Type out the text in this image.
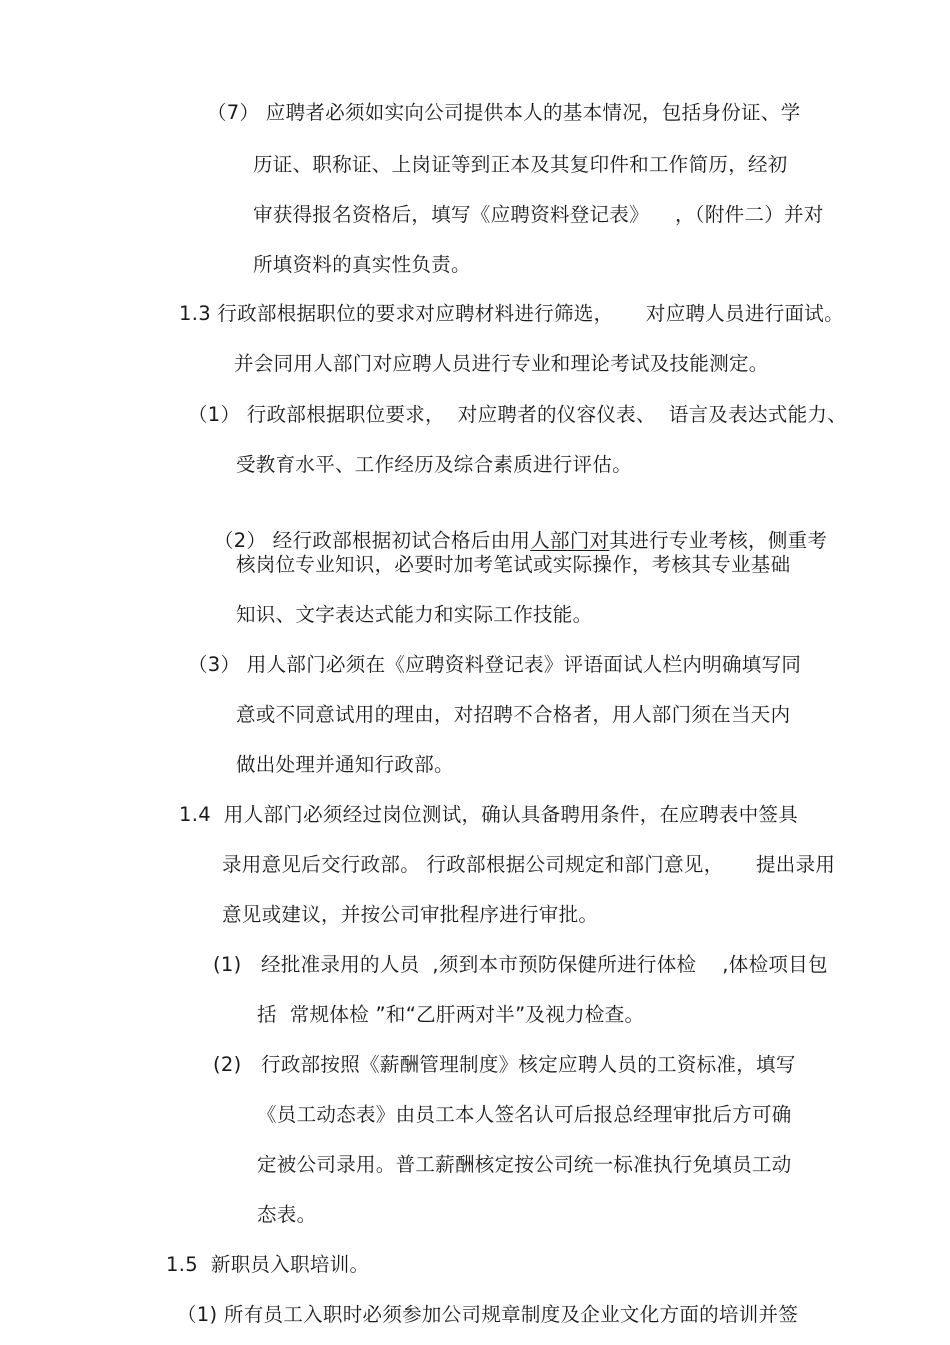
（7） 应聘者必须如实向公司提供本人的基本情况，包括身份证、学
历证、职称证、上岗证等到正本及其复印件和工作简历，经初
审获得报名资格后，填写《应聘资料登记表》    ，（附件二）并对
所填资料的真实性负责。
1.3 行政部根据职位的要求对应聘材料进行筛选，     对应聘人员进行面试。
并会同用人部门对应聘人员进行专业和理论考试及技能测定。
（1） 行政部根据职位要求，  对应聘者的仪容仪表、  语言及表达式能力、
受教育水平、工作经历及综合素质进行评估。

（2） 经行政部根据初试合格后由用人部门对其进行专业考核，侧重考

核岗位专业知识，必要时加考笔试或实际操作，考核其专业基础
知识、文字表达式能力和实际工作技能。
（3） 用人部门必须在《应聘资料登记表》评语面试人栏内明确填写同
意或不同意试用的理由，对招聘不合格者，用人部门须在当天内
做出处理并通知行政部。
1.4  用人部门必须经过岗位测试，确认具备聘用条件，在应聘表中签具
录用意见后交行政部。 行政部根据公司规定和部门意见，     提出录用
意见或建议，并按公司审批程序进行审批。
(1)   经批准录用的人员  ,须到本市预防保健所进行体检    ,体检项目包
括  常规体检 ”和“乙肝两对半”及视力检查。
(2)   行政部按照《薪酬管理制度》核定应聘人员的工资标准，填写
《员工动态表》由员工本人签名认可后报总经理审批后方可确
定被公司录用。普工薪酬核定按公司统一标准执行免填员工动
态表。
1.5  新职员入职培训。
（1) 所有员工入职时必须参加公司规章制度及企业文化方面的培训并签
